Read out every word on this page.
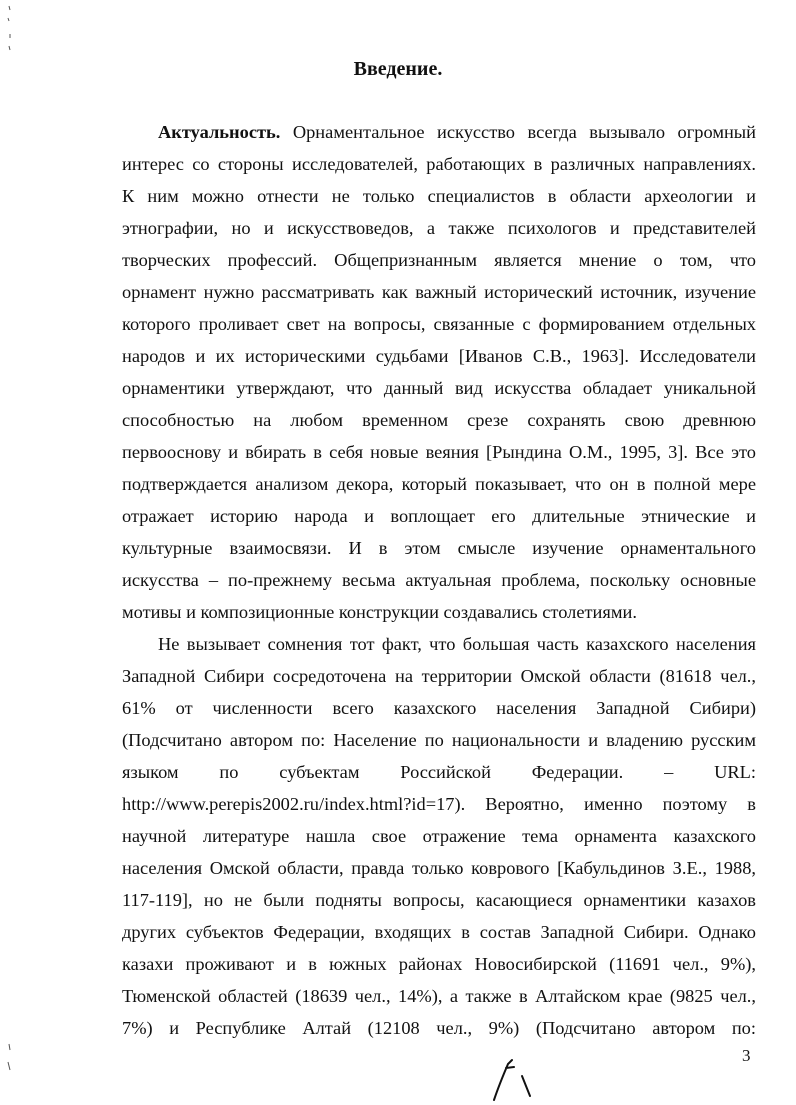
Введение.
Актуальность. Орнаментальное искусство всегда вызывало огромный
интерес со стороны исследователей, работающих в различных направлениях.
К ним можно отнести не только специалистов в области археологии и
этнографии, но и искусствоведов, а также психологов и представителей
творческих профессий. Общепризнанным является мнение о том, что
орнамент нужно рассматривать как важный исторический источник, изучение
которого проливает свет на вопросы, связанные с формированием отдельных
народов и их историческими судьбами [Иванов С.В., 1963]. Исследователи
орнаментики утверждают, что данный вид искусства обладает уникальной
способностью на любом временном срезе сохранять свою древнюю
первооснову и вбирать в себя новые веяния [Рындина О.М., 1995, 3]. Все это
подтверждается анализом декора, который показывает, что он в полной мере
отражает историю народа и воплощает его длительные этнические и
культурные взаимосвязи. И в этом смысле изучение орнаментального
искусства – по-прежнему весьма актуальная проблема, поскольку основные
мотивы и композиционные конструкции создавались столетиями.
Не вызывает сомнения тот факт, что большая часть казахского населения
Западной Сибири сосредоточена на территории Омской области (81618 чел.,
61% от численности всего казахского населения Западной Сибири)
(Подсчитано автором по: Население по национальности и владению русским
языком по субъектам Российской Федерации. – URL:
http://www.perepis2002.ru/index.html?id=17). Вероятно, именно поэтому в
научной литературе нашла свое отражение тема орнамента казахского
населения Омской области, правда только коврового [Кабульдинов З.Е., 1988,
117-119], но не были подняты вопросы, касающиеся орнаментики казахов
других субъектов Федерации, входящих в состав Западной Сибири. Однако
казахи проживают и в южных районах Новосибирской (11691 чел., 9%),
Тюменской областей (18639 чел., 14%), а также в Алтайском крае (9825 чел.,
7%) и Республике Алтай (12108 чел., 9%) (Подсчитано автором по:
3
